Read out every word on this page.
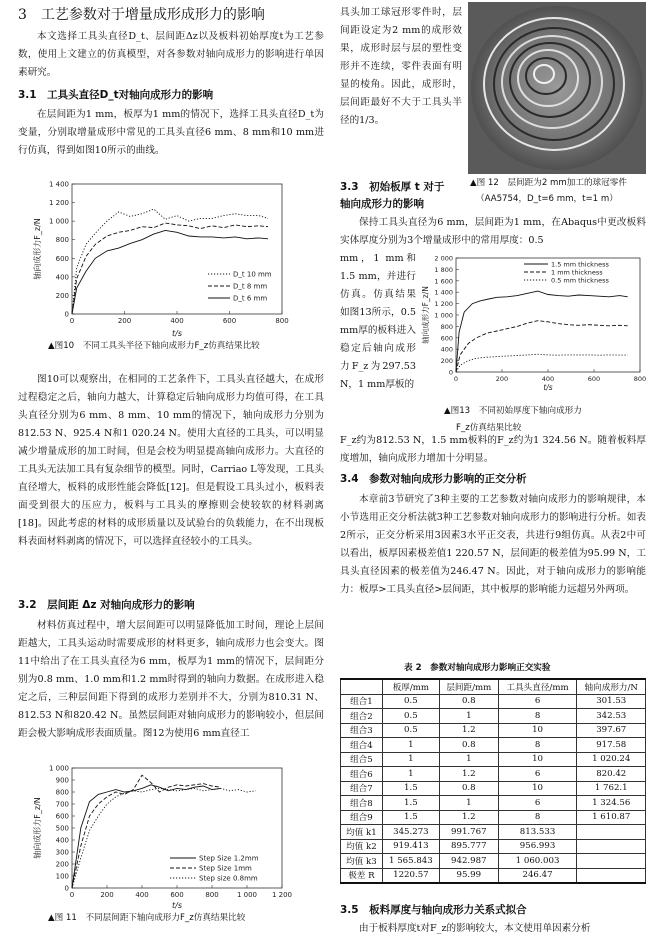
3　工艺参数对于增量成形成形力的影响

本文选择工具头直径D_t、层间距Δz以及板料初始厚度t为工艺参数，使用上文建立的仿真模型，对各参数对轴向成形力的影响进行单因素研究。

3.1　工具头直径D_t对轴向成形力的影响

在层间距为1 mm，板厚为1 mm的情况下，选择工具头直径D_t为变量，分别取增量成形中常见的工具头直径6 mm、8 mm和10 mm进行仿真，得到如图10所示的曲线。

0
200
400
600
800
1 000
1 200
1 400
0	200	400	600	800
t/s
轴向成形力F_z/N	D_t 10 mm
D_t 8 mm
D_t 6 mm
▲图10　不同工具头半径下轴向成形力F_z仿真结果比较

图10可以观察出，在相同的工艺条件下，工具头直径越大，在成形过程稳定之后，轴向力越大，计算稳定后轴向成形力均值可得，在工具头直径分别为6 mm、8 mm、10 mm的情况下，轴向成形力分别为812.53 N、925.4 N和1 020.24 N。使用大直径的工具头，可以明显减少增量成形的加工时间，但是会校为明显提高轴向成形力。大直径的工具头无法加工具有复杂细节的模型。同时，Carriao L等发现，工具头直径增大，板料的成形性能会降低[12]。但是假设工具头过小，板料表面受到很大的压应力，板料与工具头的摩擦则会使较软的材料剥离[18]。因此考虑的材料的成形质量以及试验台的负载能力，在不出现板料表面材料剥离的情况下，可以选择直径较小的工具头。

3.2　层间距 Δz 对轴向成形力的影响

材料仿真过程中，增大层间距可以明显降低加工时间，理论上层间距越大，工具头运动时需要成形的材料更多，轴向成形力也会变大。图11中给出了在工具头直径为6 mm，板厚为1 mm的情况下，层间距分别为0.8 mm、1.0 mm和1.2 mm时得到的轴向力数据。在成形进入稳定之后，三种层间距下得到的成形力差别并不大，分别为810.31 N、812.53 N和820.42 N。虽然层间距对轴向成形力的影响较小，但层间距会极大影响成形表面质量。图12为使用6 mm直径工

0
100
200
300
400
500
600
700
800
900
1 000
0	200	400	600	800	1 000 1 200
t/s
轴向成形力F_z/N	Step Size 1.2mm
Step Size 1mm
Step size 0.8mm
▲图 11　不同层间距下轴向成形力F_z仿真结果比较

具头加工球冠形零件时，层间距设定为2 mm的成形效果，成形时层与层的塑性变形并不连续，零件表面有明显的棱角。因此，成形时，层间距最好不大于工具头半径的1/3。

▲图 12　层间距为2 mm加工的球冠零件
（AA5754，D_t=6 mm，t=1 m）
3.3　初始板厚 t 对于
轴向成形力的影响

保持工具头直径为6 mm，层间距为1 mm，在Abaqus中更改板料实体厚度分别为3个增量成形中的常用厚度：0.5

mm，1 mm和1.5 mm，并进行仿真。仿真结果如图13所示，0.5 mm厚的板料进入稳定后轴向成形力F_z为297.53 N，1 mm厚板的

0
200
400
600
800
1 000
1 200
1 400
1 600
1 800
2 000
0	200	400	600	800
t/s
轴向成形力F_z/N
1.5 mm thickness
1 mm thickness
0.5 mm thickness
▲图13　不同初始厚度下轴向成形力
F_z仿真结果比较

F_z约为812.53 N，1.5 mm板料的F_z约为1 324.56 N。随着板料厚度增加，轴向成形力增加十分明显。

3.4　参数对轴向成形力影响的正交分析

本章前3节研究了3种主要的工艺参数对轴向成形力的影响规律，本小节选用正交分析法就3种工艺参数对轴向成形力的影响进行分析。如表2所示，正交分析采用3因素3水平正交表，共进行9组仿真。从表2中可以看出，板厚因素极差值1 220.57 N，层间距的极差值为95.99 N，工具头直径因素的极差值为246.47 N。因此，对于轴向成形力的影响能力：板厚>工具头直径>层间距，其中板厚的影响能力远超另外两项。

表 2　参数对轴向成形力影响正交实验
	板厚/mm	层间距/mm	工具头直径/mm	轴向成形力/N
组合1	0.5	0.8	6	301.53
组合2	0.5	1	8	342.53
组合3	0.5	1.2	10	397.67
组合4	1	0.8	8	917.58
组合5	1	1	10	1 020.24
组合6	1	1.2	6	820.42
组合7	1.5	0.8	10	1 762.1
组合8	1.5	1	6	1 324.56
组合9	1.5	1.2	8	1 610.87
均值 k1	345.273	991.767	813.533	
均值 k2	919.413	895.777	956.993	
均值 k3	1 565.843	942.987	1 060.003	
极差 R	1220.57	95.99	246.47	
3.5　板料厚度与轴向成形力关系式拟合

由于板料厚度t对F_z的影响较大，本文使用单因素分析
